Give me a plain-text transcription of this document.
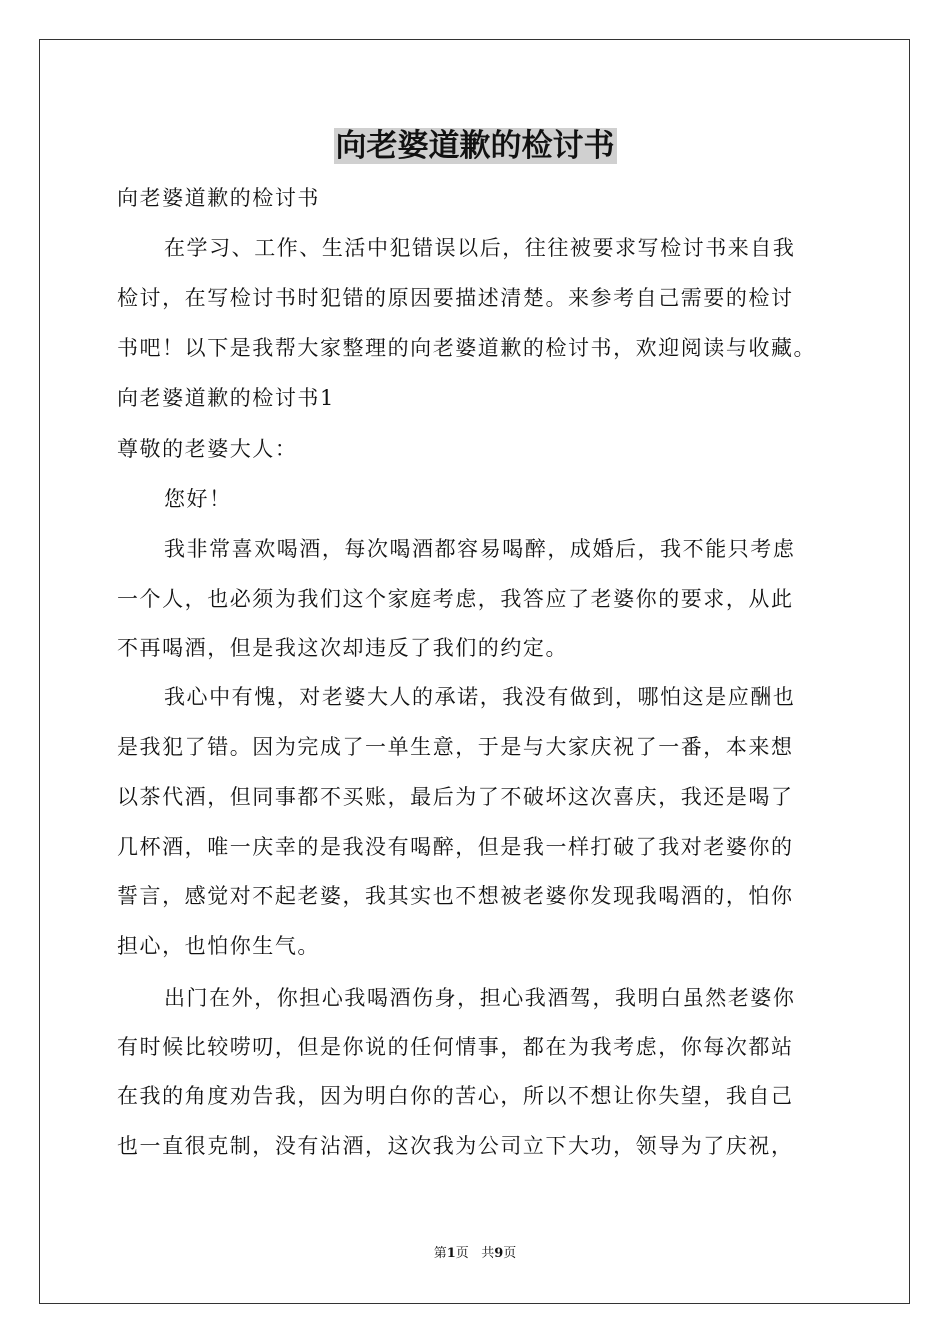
向老婆道歉的检讨书
向老婆道歉的检讨书
在学习、工作、生活中犯错误以后，往往被要求写检讨书来自我
检讨，在写检讨书时犯错的原因要描述清楚。来参考自己需要的检讨
书吧！以下是我帮大家整理的向老婆道歉的检讨书，欢迎阅读与收藏。
向老婆道歉的检讨书1
尊敬的老婆大人：
您好！
我非常喜欢喝酒，每次喝酒都容易喝醉，成婚后，我不能只考虑
一个人，也必须为我们这个家庭考虑，我答应了老婆你的要求，从此
不再喝酒，但是我这次却违反了我们的约定。
我心中有愧，对老婆大人的承诺，我没有做到，哪怕这是应酬也
是我犯了错。因为完成了一单生意，于是与大家庆祝了一番，本来想
以茶代酒，但同事都不买账，最后为了不破坏这次喜庆，我还是喝了
几杯酒，唯一庆幸的是我没有喝醉，但是我一样打破了我对老婆你的
誓言，感觉对不起老婆，我其实也不想被老婆你发现我喝酒的，怕你
担心，也怕你生气。
出门在外，你担心我喝酒伤身，担心我酒驾，我明白虽然老婆你
有时候比较唠叨，但是你说的任何情事，都在为我考虑，你每次都站
在我的角度劝告我，因为明白你的苦心，所以不想让你失望，我自己
也一直很克制，没有沾酒，这次我为公司立下大功，领导为了庆祝，
第1页 共9页
